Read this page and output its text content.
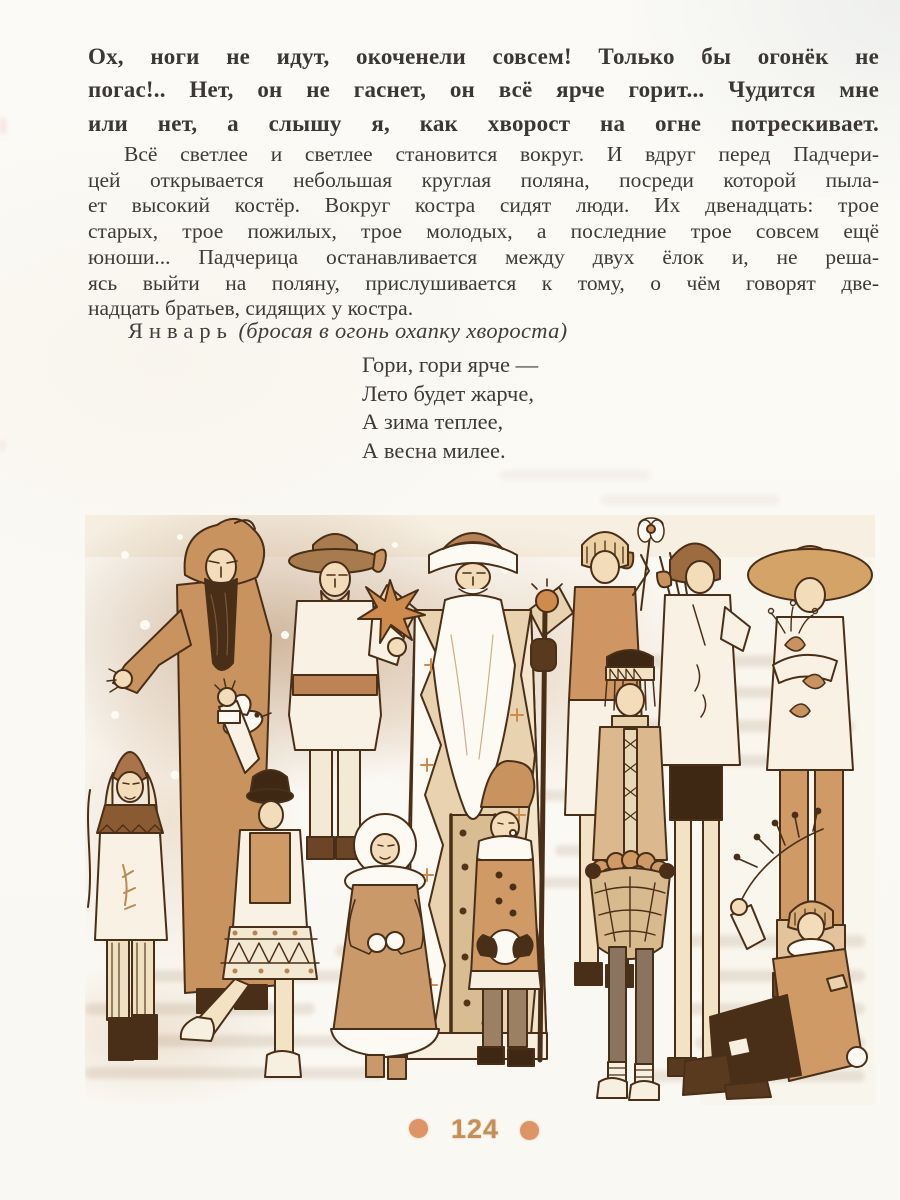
Ох, ноги не идут, окоченели совсем! Только бы огонёк не
погас!.. Нет, он не гаснет, он всё ярче горит... Чудится мне
или нет, а слышу я, как хворост на огне потрескивает.
Всё светлее и светлее становится вокруг. И вдруг перед Падчери-
цей открывается небольшая круглая поляна, посреди которой пыла-
ет высокий костёр. Вокруг костра сидят люди. Их двенадцать: трое
старых, трое пожилых, трое молодых, а последние трое совсем ещё
юноши... Падчерица останавливается между двух ёлок и, не реша-
ясь выйти на поляну, прислушивается к тому, о чём говорят две-
надцать братьев, сидящих у костра.
Январь (бросая в огонь охапку хвороста)
Гори, гори ярче —
Лето будет жарче,
А зима теплее,
А весна милее.
124
